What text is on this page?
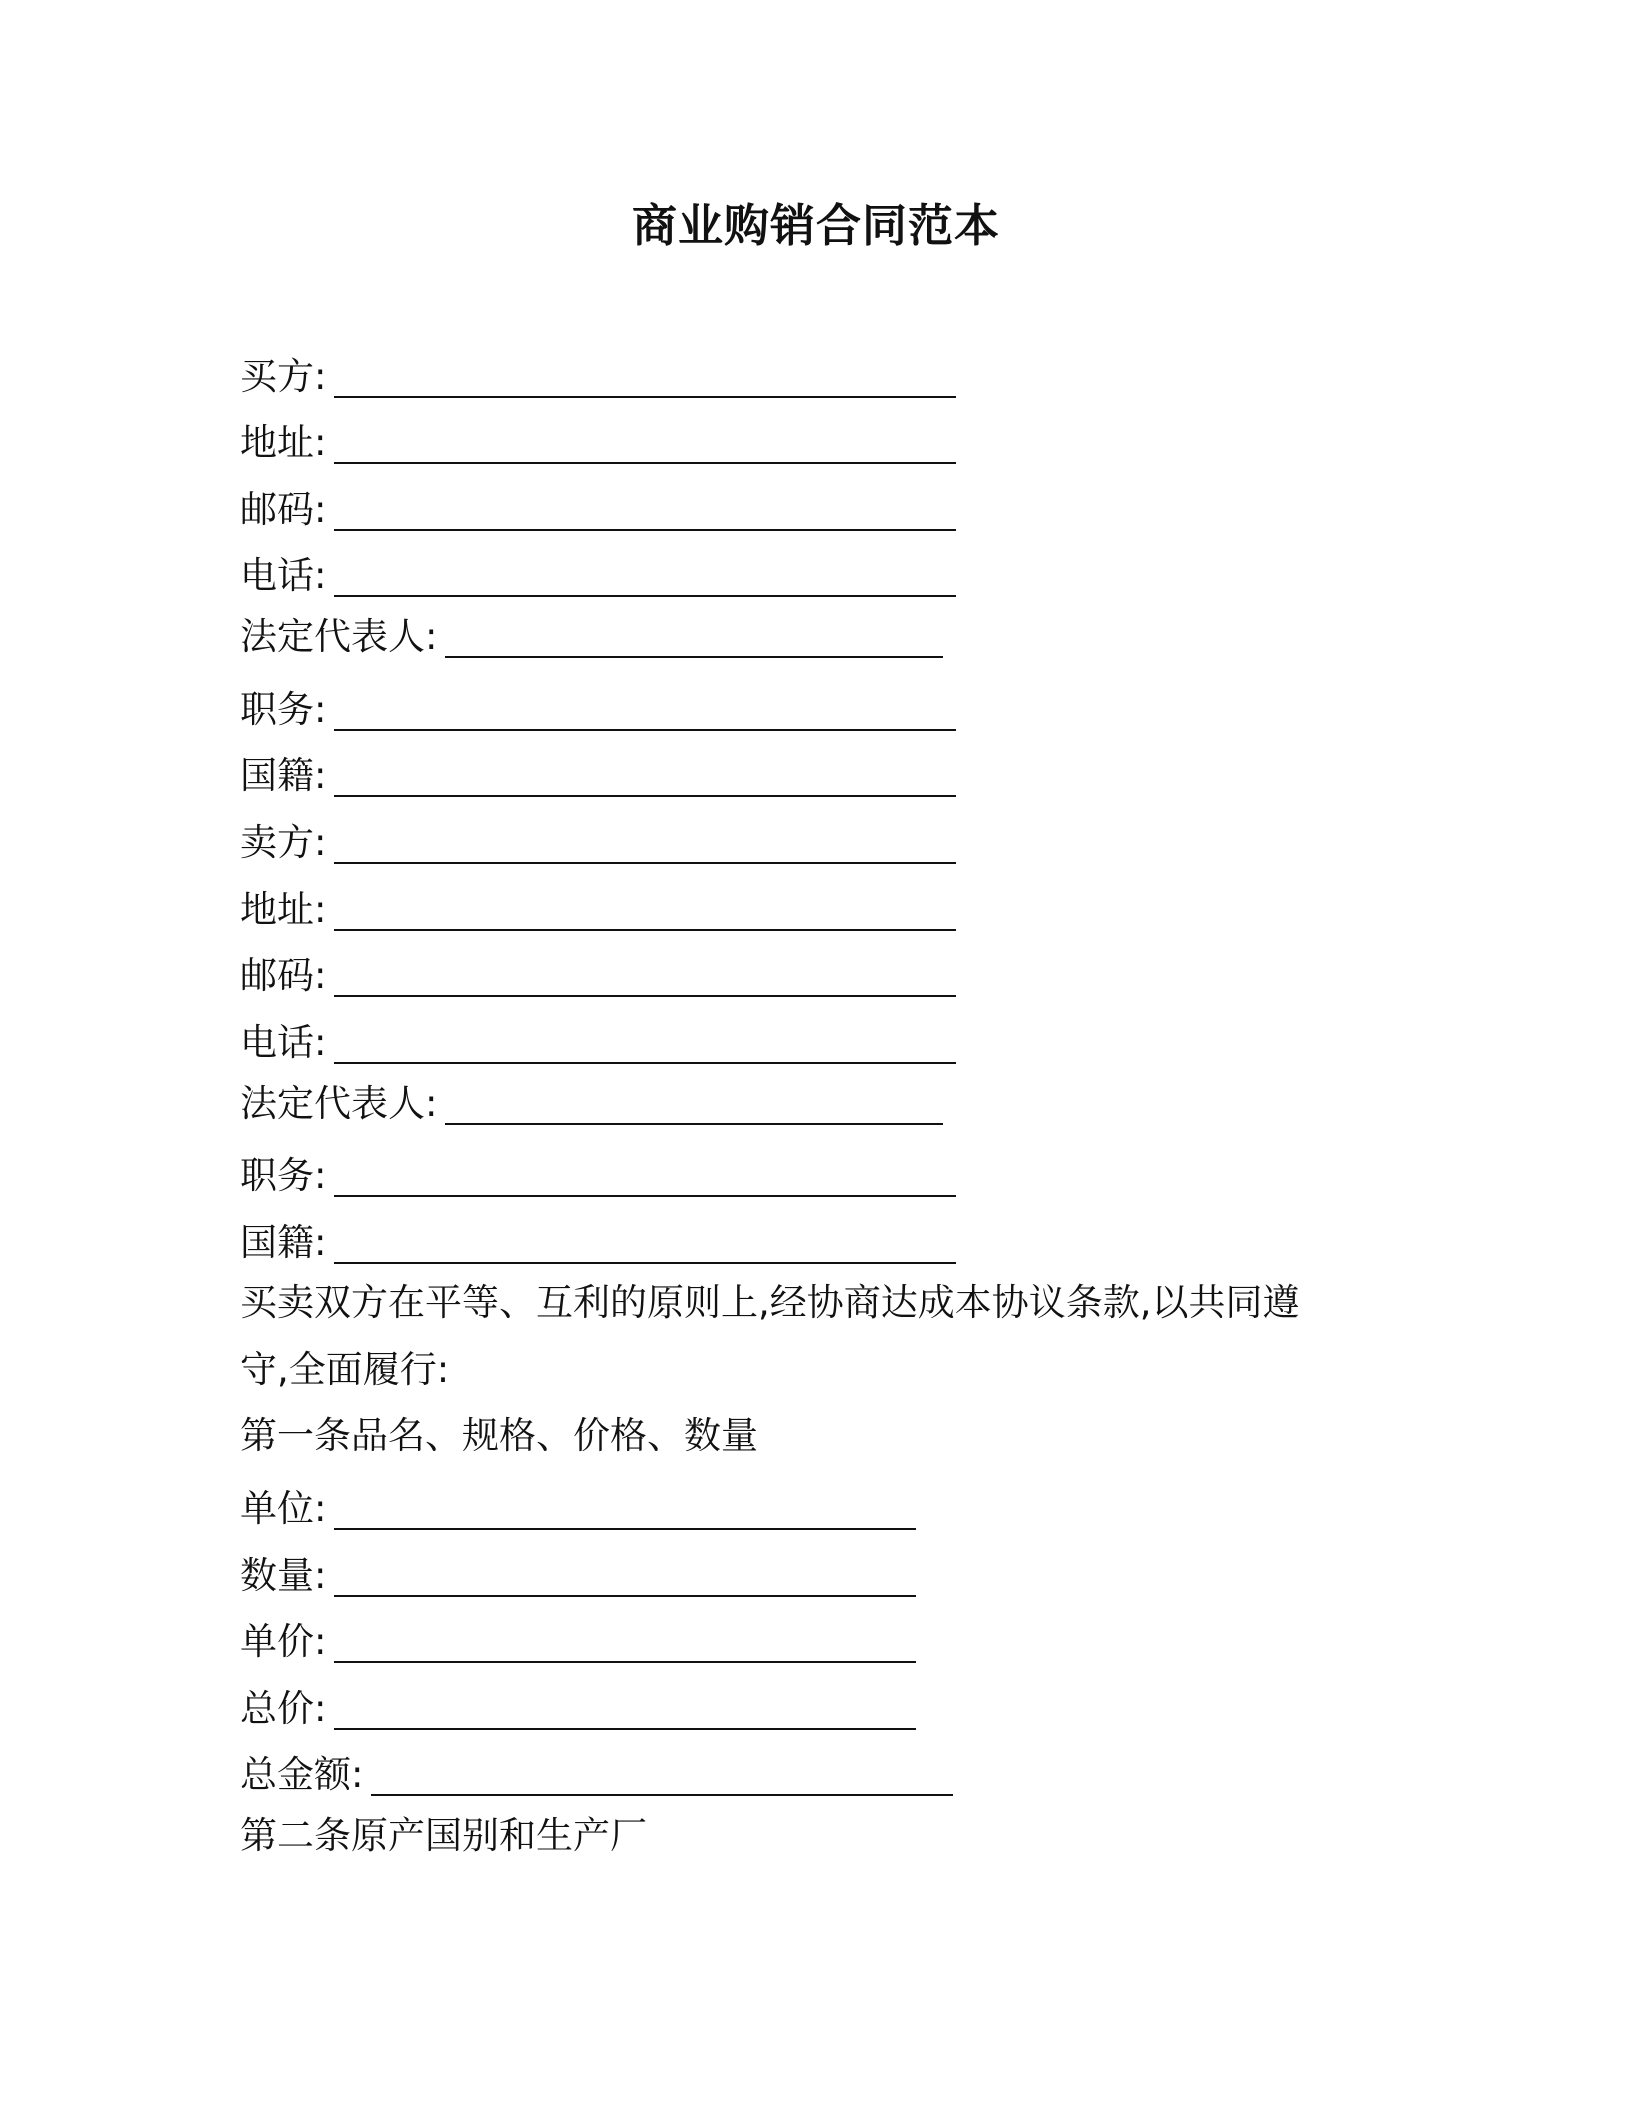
商业购销合同范本
买方:
地址:
邮码:
电话:
法定代表人:
职务:
国籍:
卖方:
地址:
邮码:
电话:
法定代表人:
职务:
国籍:
买卖双方在平等、互利的原则上,经协商达成本协议条款,以共同遵
守,全面履行:
第一条品名、规格、价格、数量
单位:
数量:
单价:
总价:
总金额:
第二条原产国别和生产厂
